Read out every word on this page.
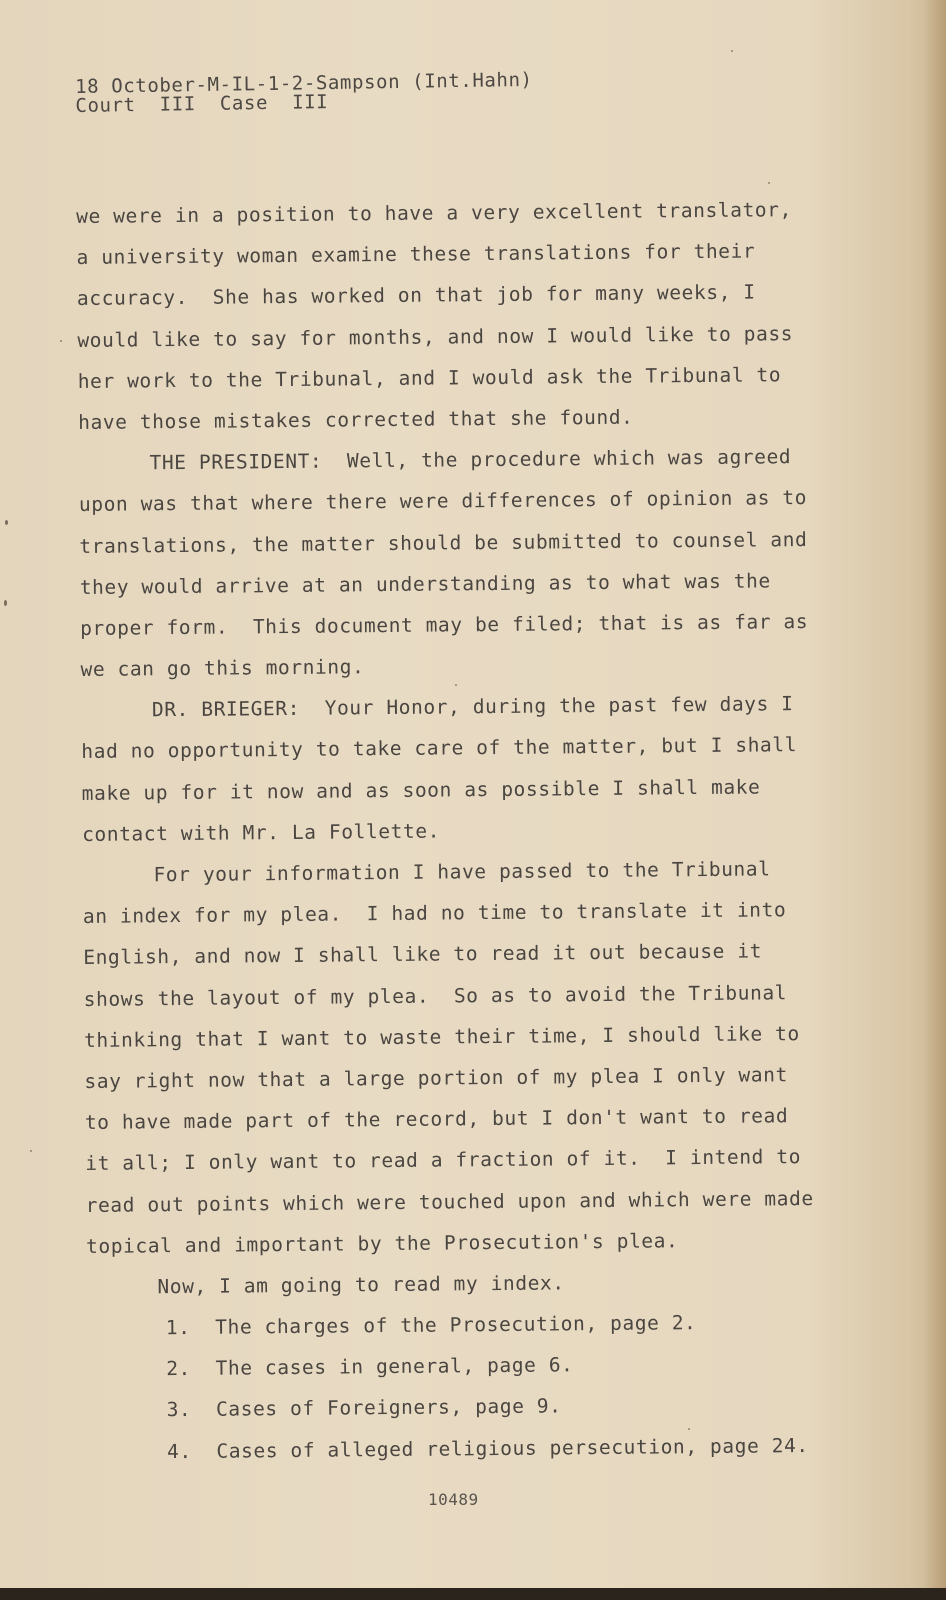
18 October-M-IL-1-2-Sampson (Int.Hahn)
Court  III  Case  III
we were in a position to have a very excellent translator,
a university woman examine these translations for their
accuracy.  She has worked on that job for many weeks, I
would like to say for months, and now I would like to pass
her work to the Tribunal, and I would ask the Tribunal to
have those mistakes corrected that she found.
THE PRESIDENT:  Well, the procedure which was agreed
upon was that where there were differences of opinion as to
translations, the matter should be submitted to counsel and
they would arrive at an understanding as to what was the
proper form.  This document may be filed; that is as far as
we can go this morning.
DR. BRIEGER:  Your Honor, during the past few days I
had no opportunity to take care of the matter, but I shall
make up for it now and as soon as possible I shall make
contact with Mr. La Follette.
For your information I have passed to the Tribunal
an index for my plea.  I had no time to translate it into
English, and now I shall like to read it out because it
shows the layout of my plea.  So as to avoid the Tribunal
thinking that I want to waste their time, I should like to
say right now that a large portion of my plea I only want
to have made part of the record, but I don't want to read
it all; I only want to read a fraction of it.  I intend to
read out points which were touched upon and which were made
topical and important by the Prosecution's plea.
Now, I am going to read my index.
1.  The charges of the Prosecution, page 2.
2.  The cases in general, page 6.
3.  Cases of Foreigners, page 9.
4.  Cases of alleged religious persecution, page 24.
10489
